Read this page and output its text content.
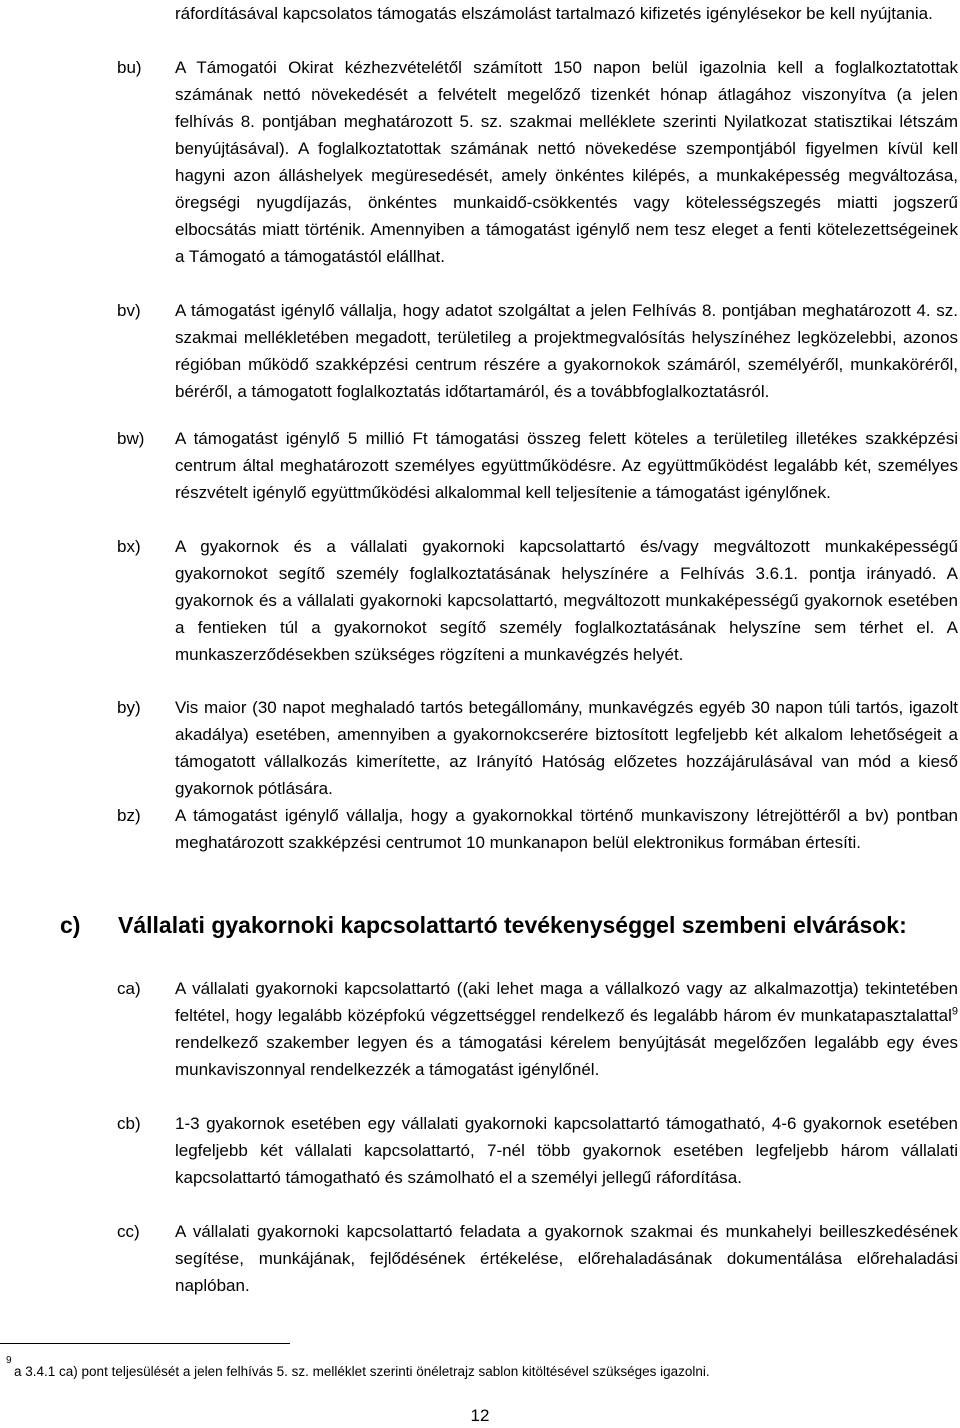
ráfordításával kapcsolatos támogatás elszámolást tartalmazó kifizetés igénylésekor be kell nyújtania.

bu) A Támogatói Okirat kézhezvételétől számított 150 napon belül igazolnia kell a foglalkoztatottak számának nettó növekedését a felvételt megelőző tizenkét hónap átlagához viszonyítva (a jelen felhívás 8. pontjában meghatározott 5. sz. szakmai melléklete szerinti Nyilatkozat statisztikai létszám benyújtásával). A foglalkoztatottak számának nettó növekedése szempontjából figyelmen kívül kell hagyni azon álláshelyek megüresedését, amely önkéntes kilépés, a munkaképesség megváltozása, öregségi nyugdíjazás, önkéntes munkaidő-csökkentés vagy kötelességszegés miatti jogszerű elbocsátás miatt történik. Amennyiben a támogatást igénylő nem tesz eleget a fenti kötelezettségeinek a Támogató a támogatástól elállhat.
bv) A támogatást igénylő vállalja, hogy adatot szolgáltat a jelen Felhívás 8. pontjában meghatározott 4. sz. szakmai mellékletében megadott, területileg a projektmegvalósítás helyszínéhez legközelebbi, azonos régióban működő szakképzési centrum részére a gyakornokok számáról, személyéről, munkaköréről, béréről, a támogatott foglalkoztatás időtartamáról, és a továbbfoglalkoztatásról.
bw) A támogatást igénylő 5 millió Ft támogatási összeg felett köteles a területileg illetékes szakképzési centrum által meghatározott személyes együttműködésre. Az együttműködést legalább két, személyes részvételt igénylő együttműködési alkalommal kell teljesítenie a támogatást igénylőnek.
bx) A gyakornok és a vállalati gyakornoki kapcsolattartó és/vagy megváltozott munkaképességű gyakornokot segítő személy foglalkoztatásának helyszínére a Felhívás 3.6.1. pontja irányadó. A gyakornok és a vállalati gyakornoki kapcsolattartó, megváltozott munkaképességű gyakornok esetében a fentieken túl a gyakornokot segítő személy foglalkoztatásának helyszíne sem térhet el. A munkaszerződésekben szükséges rögzíteni a munkavégzés helyét.
by) Vis maior (30 napot meghaladó tartós betegállomány, munkavégzés egyéb 30 napon túli tartós, igazolt akadálya) esetében, amennyiben a gyakornokcserére biztosított legfeljebb két alkalom lehetőségeit a támogatott vállalkozás kimerítette, az Irányító Hatóság előzetes hozzájárulásával van mód a kieső gyakornok pótlására.
bz) A támogatást igénylő vállalja, hogy a gyakornokkal történő munkaviszony létrejöttéről a bv) pontban meghatározott szakképzési centrumot 10 munkanapon belül elektronikus formában értesíti.
c) Vállalati gyakornoki kapcsolattartó tevékenységgel szembeni elvárások:
ca) A vállalati gyakornoki kapcsolattartó ((aki lehet maga a vállalkozó vagy az alkalmazottja) tekintetében feltétel, hogy legalább középfokú végzettséggel rendelkező és legalább három év munkatapasztalattal$^9$ rendelkező szakember legyen és a támogatási kérelem benyújtását megelőzően legalább egy éves munkaviszonnyal rendelkezzék a támogatást igénylőnél.
cb) 1-3 gyakornok esetében egy vállalati gyakornoki kapcsolattartó támogatható, 4-6 gyakornok esetében legfeljebb két vállalati kapcsolattartó, 7-nél több gyakornok esetében legfeljebb három vállalati kapcsolattartó támogatható és számolható el a személyi jellegű ráfordítása.
cc) A vállalati gyakornoki kapcsolattartó feladata a gyakornok szakmai és munkahelyi beilleszkedésének segítése, munkájának, fejlődésének értékelése, előrehaladásának dokumentálása előrehaladási naplóban.
9
a 3.4.1 ca) pont teljesülését a jelen felhívás 5. sz. melléklet szerinti önéletrajz sablon kitöltésével szükséges igazolni.
12
